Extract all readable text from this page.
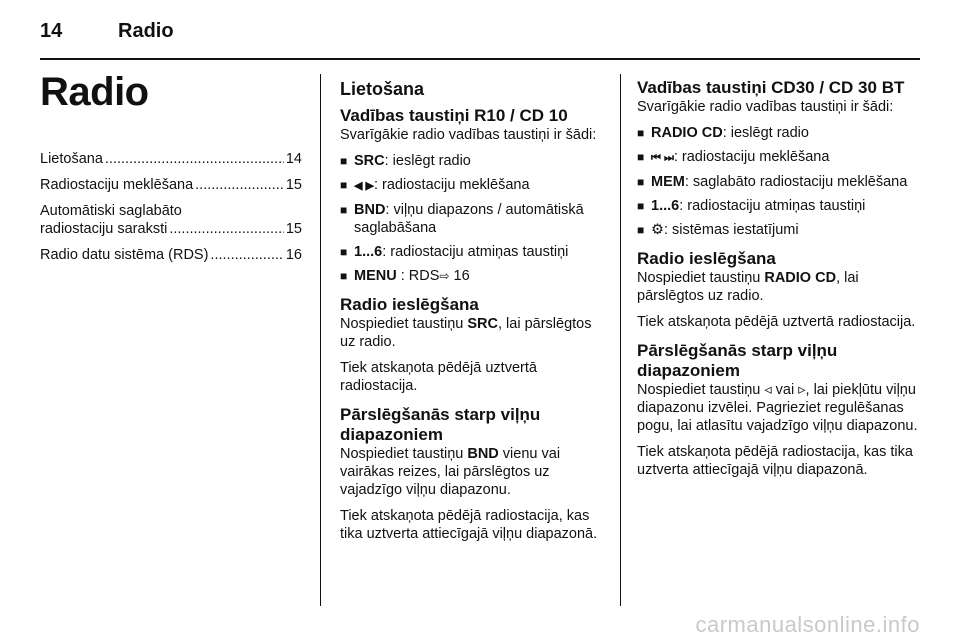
14	Radio
Radio
Lietošana .....	14
Radiostaciju meklēšana .....	15
Automātiski saglabāto
radiostaciju saraksti .....	15
Radio datu sistēma (RDS) .....	16
Lietošana
Vadības taustiņi R10 / CD 10

Svarīgākie radio vadības taustiņi ir šādi:

■ SRC: ieslēgt radio
■ ◀ ▶: radiostaciju meklēšana
■ BND: viļņu diapazons / automātiskā saglabāšana
■ 1...6: radiostaciju atmiņas taustiņi
■ MENU : RDS⇨ 16
Radio ieslēgšana

Nospiediet taustiņu SRC, lai pārslēgtos uz radio.

Tiek atskaņota pēdējā uztvertā radiostacija.

Pārslēgšanās starp viļņu diapazoniem

Nospiediet taustiņu BND vienu vai vairākas reizes, lai pārslēgtos uz vajadzīgo viļņu diapazonu.

Tiek atskaņota pēdējā radiostacija, kas tika uztverta attiecīgajā viļņu diapazonā.

Vadības taustiņi CD30 / CD 30 BT

Svarīgākie radio vadības taustiņi ir šādi:

■ RADIO CD: ieslēgt radio
■ ⏮ ⏭: radiostaciju meklēšana
■ MEM: saglabāto radiostaciju meklēšana
■ 1...6: radiostaciju atmiņas taustiņi
■ ⚙: sistēmas iestatījumi
Radio ieslēgšana

Nospiediet taustiņu RADIO CD, lai pārslēgtos uz radio.

Tiek atskaņota pēdējā uztvertā radiostacija.

Pārslēgšanās starp viļņu diapazoniem

Nospiediet taustiņu ◃ vai ▹, lai piekļūtu viļņu diapazonu izvēlei. Pagrieziet regulēšanas pogu, lai atlasītu vajadzīgo viļņu diapazonu.

Tiek atskaņota pēdējā radiostacija, kas tika uztverta attiecīgajā viļņu diapazonā.

carmanualsonline.info
